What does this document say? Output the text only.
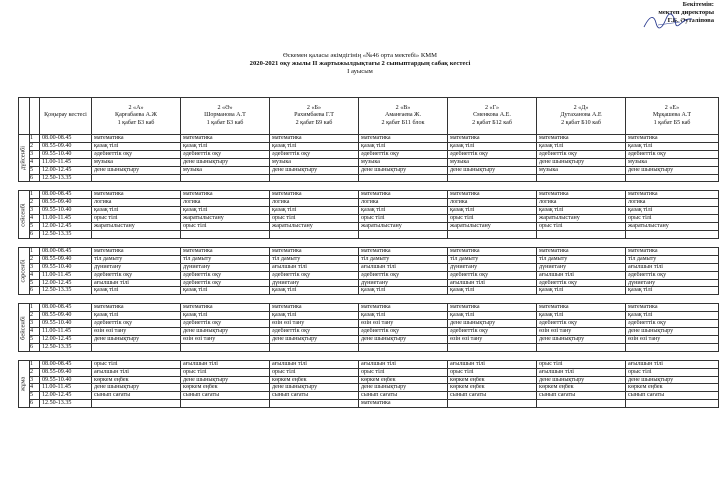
Бекітемін:
мектеп директоры
Г.Б. Әутәліпова
Өскемен қаласы әкімдігінің «№46 орта мектебі» КММ
2020-2021 оқу жылы ІІ жартыжылдықтағы 2 сыныптардың сабақ кестесі
І ауысым
		Қоңырау кестесі	2 «А»
Қарғабаева А.Ж
1 қабат Б3 каб	2 «Ә»
Шорманова А.Т
1 қабат Б3 каб	2 «Б»
Рахимбаева Г.Т
2 қабат Б9 каб	2 «В»
Аманғаева Ж.
2 қабат Б11 блок	2 «Г»
Сменкова А.Е.
2 қабат Б12 каб	2 «Д»
Дутаханова А.Е
2 қабат Б10 каб	2 «Е»
Мұқашева А.Т
1 қабат Б5 каб

дүйсенбі	1	08.00-08.45	математика	математика	математика	математика	математика	математика	математика
	2	08.55-09.40	қазақ тілі	қазақ тілі	қазақ тілі	қазақ тілі	қазақ тілі	қазақ тілі	қазақ тілі
	3	09.55-10.40	әдебиеттік оқу	әдебиеттік оқу	әдебиеттік оқу	әдебиеттік оқу	әдебиеттік оқу	әдебиеттік оқу	әдебиеттік оқу
	4	11.00-11.45	музыка	дене шынықтыру	музыка	музыка	музыка	дене шынықтыру	музыка
	5	12.00-12.45	дене шынықтыру	музыка	дене шынықтыру	дене шынықтыру	дене шынықтыру	музыка	дене шынықтыру
	6	12.50-13.35							

сейсенбі	1	08.00-08.45	математика	математика	математика	математика	математика	математика	математика
	2	08.55-09.40	логика	логика	логика	логика	логика	логика	логика
	3	09.55-10.40	қазақ тілі	қазақ тілі	қазақ тілі	қазақ тілі	қазақ тілі	қазақ тілі	қазақ тілі
	4	11.00-11.45	орыс тілі	жаратылыстану	орыс тілі	орыс тілі	орыс тілі	жаратылыстану	орыс тілі
	5	12.00-12.45	жаратылыстану	орыс тілі	жаратылыстану	жаратылыстану	жаратылыстану	орыс тілі	жаратылыстану
	6	12.50-13.35							

сәрсенбі	1	08.00-08.45	математика	математика	математика	математика	математика	математика	математика
	2	08.55-09.40	тіл дамыту	тіл дамыту	тіл дамыту	тіл дамыту	тіл дамыту	тіл дамыту	тіл дамыту
	3	09.55-10.40	дүниетану	дүниетану	ағылшын тілі	ағылшын тілі	дүниетану	дүниетану	ағылшын тілі
	4	11.00-11.45	әдебиеттік оқу	әдебиеттік оқу	әдебиеттік оқу	әдебиеттік оқу	әдебиеттік оқу	ағылшын тілі	әдебиеттік оқу
	5	12.00-12.45	ағылшын тілі	әдебиеттік оқу	дүниетану	дүниетану	ағылшын тілі	әдебиеттік оқу	дүниетану
	6	12.50-13.35	қазақ тілі	қазақ тілі	қазақ тілі	қазақ тілі	қазақ тілі	қазақ тілі	қазақ тілі

бейсенбі	1	08.00-08.45	математика	математика	математика	математика	математика	математика	математика
	2	08.55-09.40	қазақ тілі	қазақ тілі	қазақ тілі	қазақ тілі	қазақ тілі	қазақ тілі	қазақ тілі
	3	09.55-10.40	әдебиеттік оқу	әдебиеттік оқу	өзін өзі тану	өзін өзі тану	дене шынықтыру	әдебиеттік оқу	әдебиеттік оқу
	4	11.00-11.45	өзін өзі тану	дене шынықтыру	әдебиеттік оқу	әдебиеттік оқу	әдебиеттік оқу	өзін өзі тану	дене шынықтыру
	5	12.00-12.45	дене шынықтыру	өзін өзі тану	дене шынықтыру	дене шынықтыру	өзін өзі тану	дене шынықтыру	өзін өзі тану
	6	12.50-13.35							

жұма	1	08.00-08.45	орыс тілі	ағылшын тілі	ағылшын тілі	ағылшын тілі	ағылшын тілі	орыс тілі	ағылшын тілі
	2	08.55-09.40	ағылшын тілі	орыс тілі	орыс тілі	орыс тілі	орыс тілі	ағылшын тілі	орыс тілі
	3	09.55-10.40	көркем еңбек	дене шынықтыру	көркем еңбек	көркем еңбек	көркем еңбек	дене шынықтыру	дене шынықтыру
	4	11.00-11.45	дене шынықтыру	көркем еңбек	дене шынықтыру	дене шынықтыру	көркем еңбек	көркем еңбек	көркем еңбек
	5	12.00-12.45	сынып сағаты	сынып сағаты	сынып сағаты	сынып сағаты	сынып сағаты	сынып сағаты	сынып сағаты
	6	12.50-13.35				математика			
